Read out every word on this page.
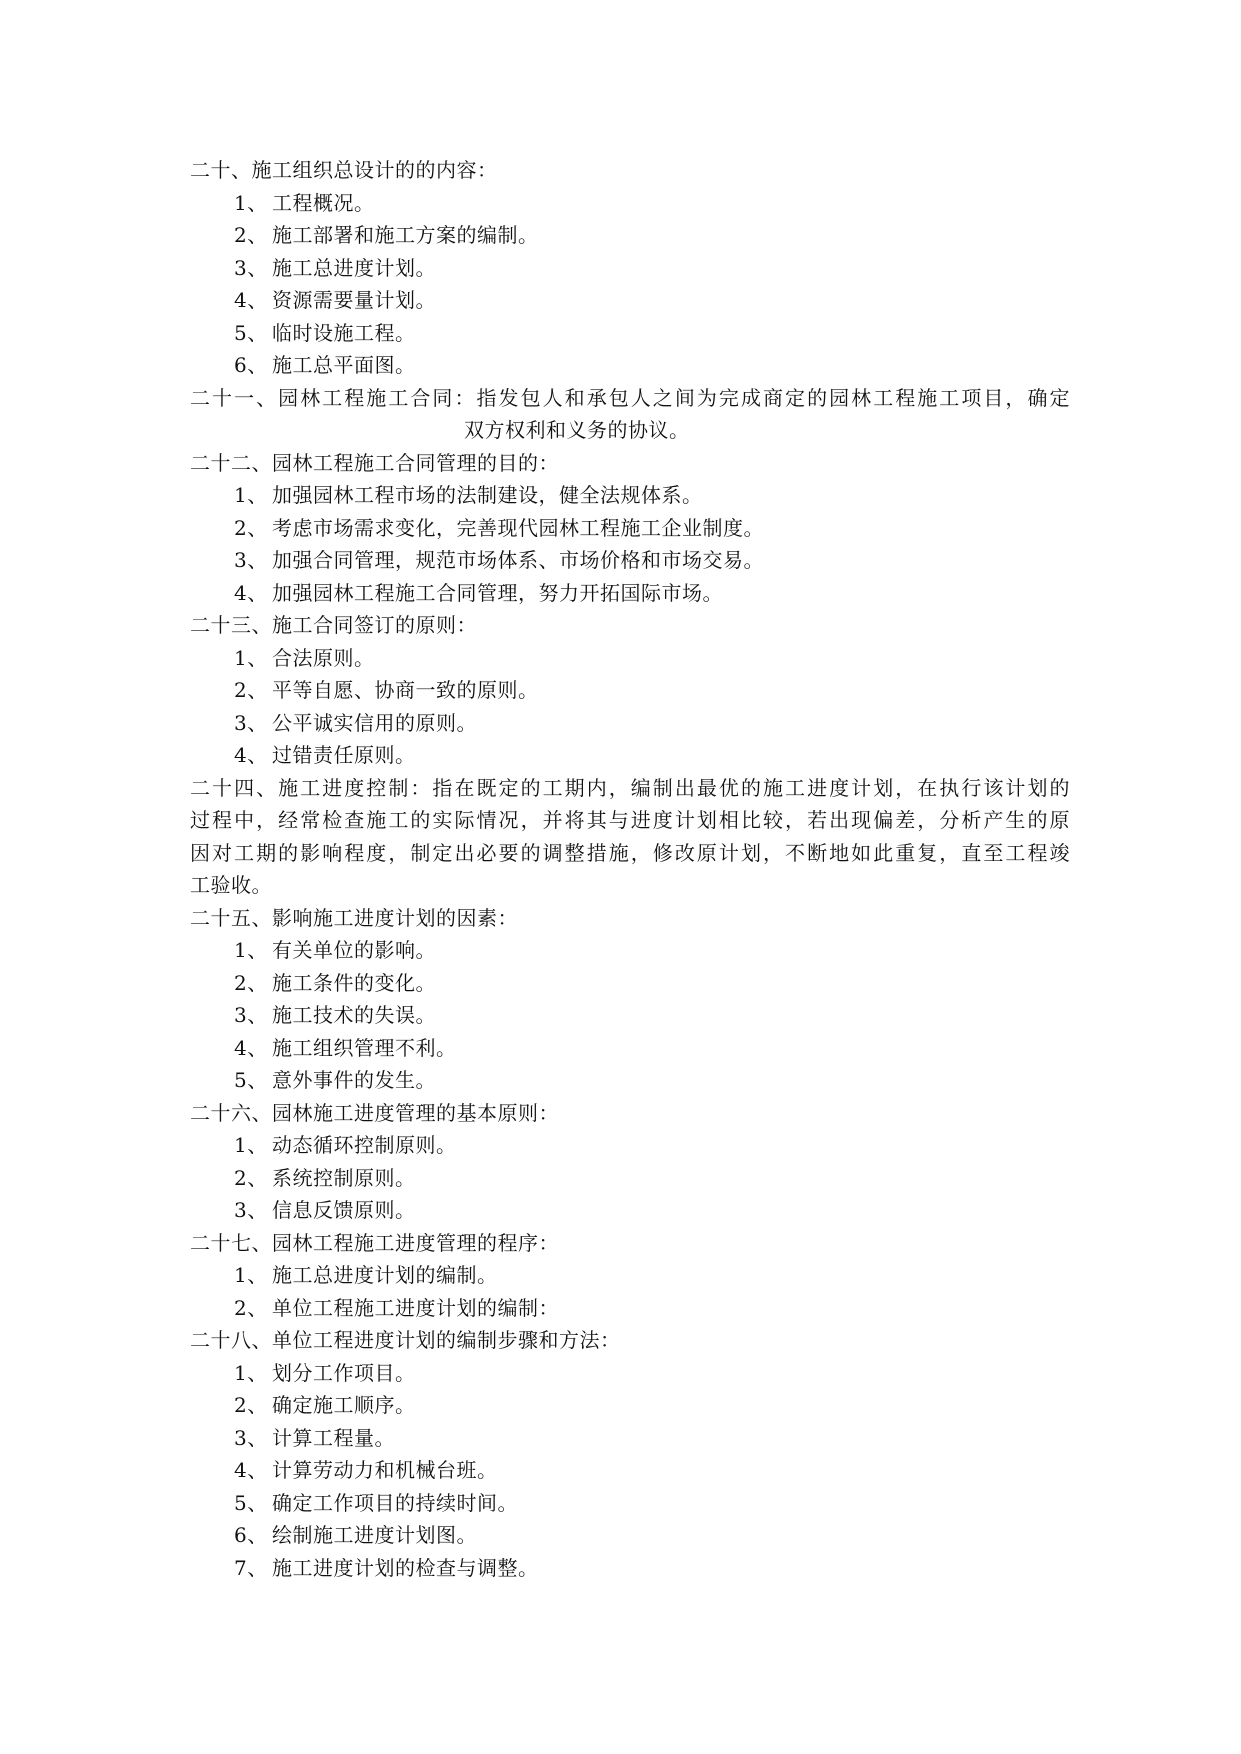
二十、施工组织总设计的的内容：
1、 工程概况。
2、 施工部署和施工方案的编制。
3、 施工总进度计划。
4、 资源需要量计划。
5、 临时设施工程。
6、 施工总平面图。
二十一、园林工程施工合同：指发包人和承包人之间为完成商定的园林工程施工项目，确定
双方权利和义务的协议。
二十二、园林工程施工合同管理的目的：
1、 加强园林工程市场的法制建设，健全法规体系。
2、 考虑市场需求变化，完善现代园林工程施工企业制度。
3、 加强合同管理，规范市场体系、市场价格和市场交易。
4、 加强园林工程施工合同管理，努力开拓国际市场。
二十三、施工合同签订的原则：
1、 合法原则。
2、 平等自愿、协商一致的原则。
3、 公平诚实信用的原则。
4、 过错责任原则。
二十四、施工进度控制：指在既定的工期内，编制出最优的施工进度计划，在执行该计划的
过程中，经常检查施工的实际情况，并将其与进度计划相比较，若出现偏差，分析产生的原
因对工期的影响程度，制定出必要的调整措施，修改原计划，不断地如此重复，直至工程竣
工验收。
二十五、影响施工进度计划的因素：
1、 有关单位的影响。
2、 施工条件的变化。
3、 施工技术的失误。
4、 施工组织管理不利。
5、 意外事件的发生。
二十六、园林施工进度管理的基本原则：
1、 动态循环控制原则。
2、 系统控制原则。
3、 信息反馈原则。
二十七、园林工程施工进度管理的程序：
1、 施工总进度计划的编制。
2、 单位工程施工进度计划的编制：
二十八、单位工程进度计划的编制步骤和方法：
1、 划分工作项目。
2、 确定施工顺序。
3、 计算工程量。
4、 计算劳动力和机械台班。
5、 确定工作项目的持续时间。
6、 绘制施工进度计划图。
7、 施工进度计划的检查与调整。
